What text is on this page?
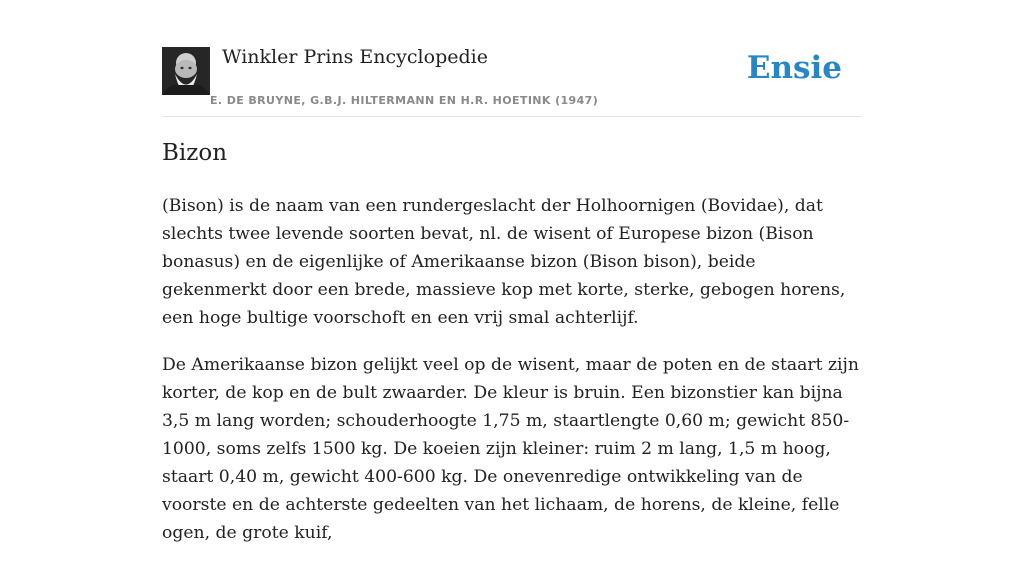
Winkler Prins Encyclopedie
E. DE BRUYNE, G.B.J. HILTERMANN EN H.R. HOETINK (1947)
Ensie
Bizon

(Bison) is de naam van een rundergeslacht der Holhoornigen (Bovidae), dat slechts twee levende soorten bevat, nl. de wisent of Europese bizon (Bison bonasus) en de eigenlijke of Amerikaanse bizon (Bison bison), beide gekenmerkt door een brede, massieve kop met korte, sterke, gebogen horens, een hoge bultige voorschoft en een vrij smal achterlijf.

De Amerikaanse bizon gelijkt veel op de wisent, maar de poten en de staart zijn korter, de kop en de bult zwaarder. De kleur is bruin. Een bizonstier kan bijna 3,5 m lang worden; schouderhoogte 1,75 m, staartlengte 0,60 m; gewicht 850-1000, soms zelfs 1500 kg. De koeien zijn kleiner: ruim 2 m lang, 1,5 m hoog, staart 0,40 m, gewicht 400-600 kg. De onevenredige ontwikkeling van de voorste en de achterste gedeelten van het lichaam, de horens, de kleine, felle ogen, de grote kuif,
